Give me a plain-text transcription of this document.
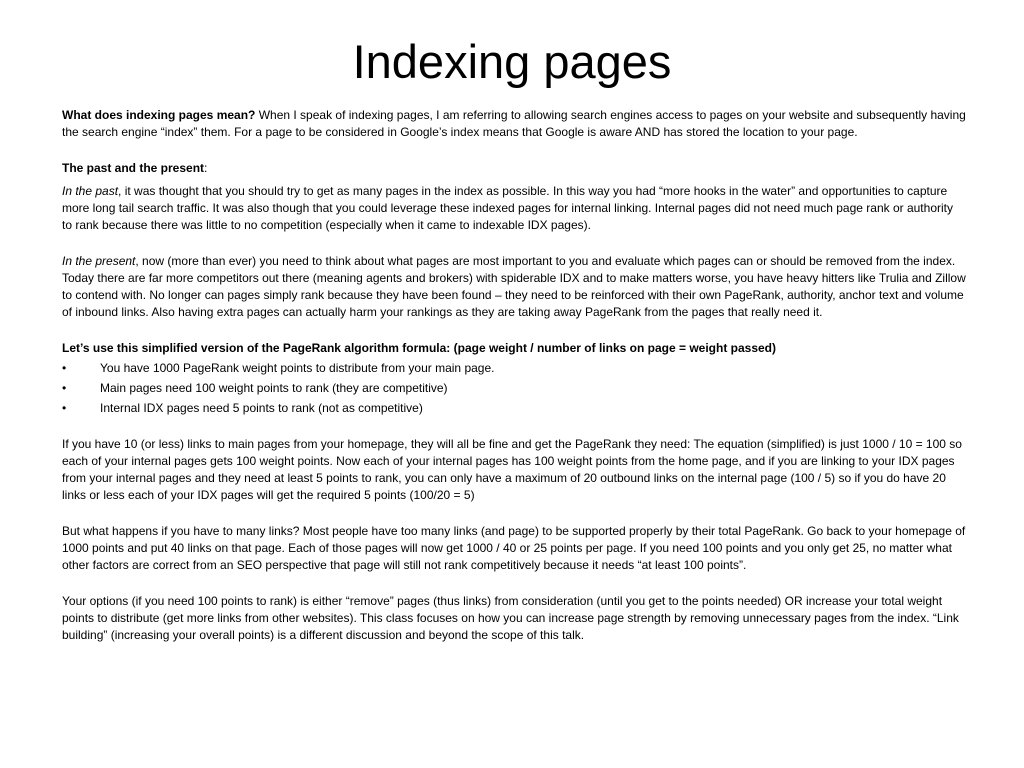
Indexing pages

What does indexing pages mean? When I speak of indexing pages, I am referring to allowing search engines access to pages on your website and subsequently having the search engine “index” them. For a page to be considered in Google’s index means that Google is aware AND has stored the location to your page.

The past and the present:

In the past, it was thought that you should try to get as many pages in the index as possible. In this way you had “more hooks in the water” and opportunities to capture more long tail search traffic. It was also though that you could leverage these indexed pages for internal linking. Internal pages did not need much page rank or authority to rank because there was little to no competition (especially when it came to indexable IDX pages).

In the present, now (more than ever) you need to think about what pages are most important to you and evaluate which pages can or should be removed from the index. Today there are far more competitors out there (meaning agents and brokers) with spiderable IDX and to make matters worse, you have heavy hitters like Trulia and Zillow to contend with. No longer can pages simply rank because they have been found – they need to be reinforced with their own PageRank, authority, anchor text and volume of inbound links. Also having extra pages can actually harm your rankings as they are taking away PageRank from the pages that really need it.

Let’s use this simplified version of the PageRank algorithm formula: (page weight / number of links on page = weight passed)

•	You have 1000 PageRank weight points to distribute from your main page.
•	Main pages need 100 weight points to rank (they are competitive)
•	Internal IDX pages need 5 points to rank (not as competitive)

If you have 10 (or less) links to main pages from your homepage, they will all be fine and get the PageRank they need: The equation (simplified) is just 1000 / 10 = 100 so each of your internal pages gets 100 weight points. Now each of your internal pages has 100 weight points from the home page, and if you are linking to your IDX pages from your internal pages and they need at least 5 points to rank, you can only have a maximum of 20 outbound links on the internal page (100 / 5) so if you do have 20 links or less each of your IDX pages will get the required 5 points (100/20 = 5)

But what happens if you have to many links? Most people have too many links (and page) to be supported properly by their total PageRank. Go back to your homepage of 1000 points and put 40 links on that page. Each of those pages will now get 1000 / 40 or 25 points per page. If you need 100 points and you only get 25, no matter what other factors are correct from an SEO perspective that page will still not rank competitively because it needs “at least 100 points”.

Your options (if you need 100 points to rank) is either “remove” pages (thus links) from consideration (until you get to the points needed) OR increase your total weight points to distribute (get more links from other websites). This class focuses on how you can increase page strength by removing unnecessary pages from the index. “Link building” (increasing your overall points) is a different discussion and beyond the scope of this talk.
